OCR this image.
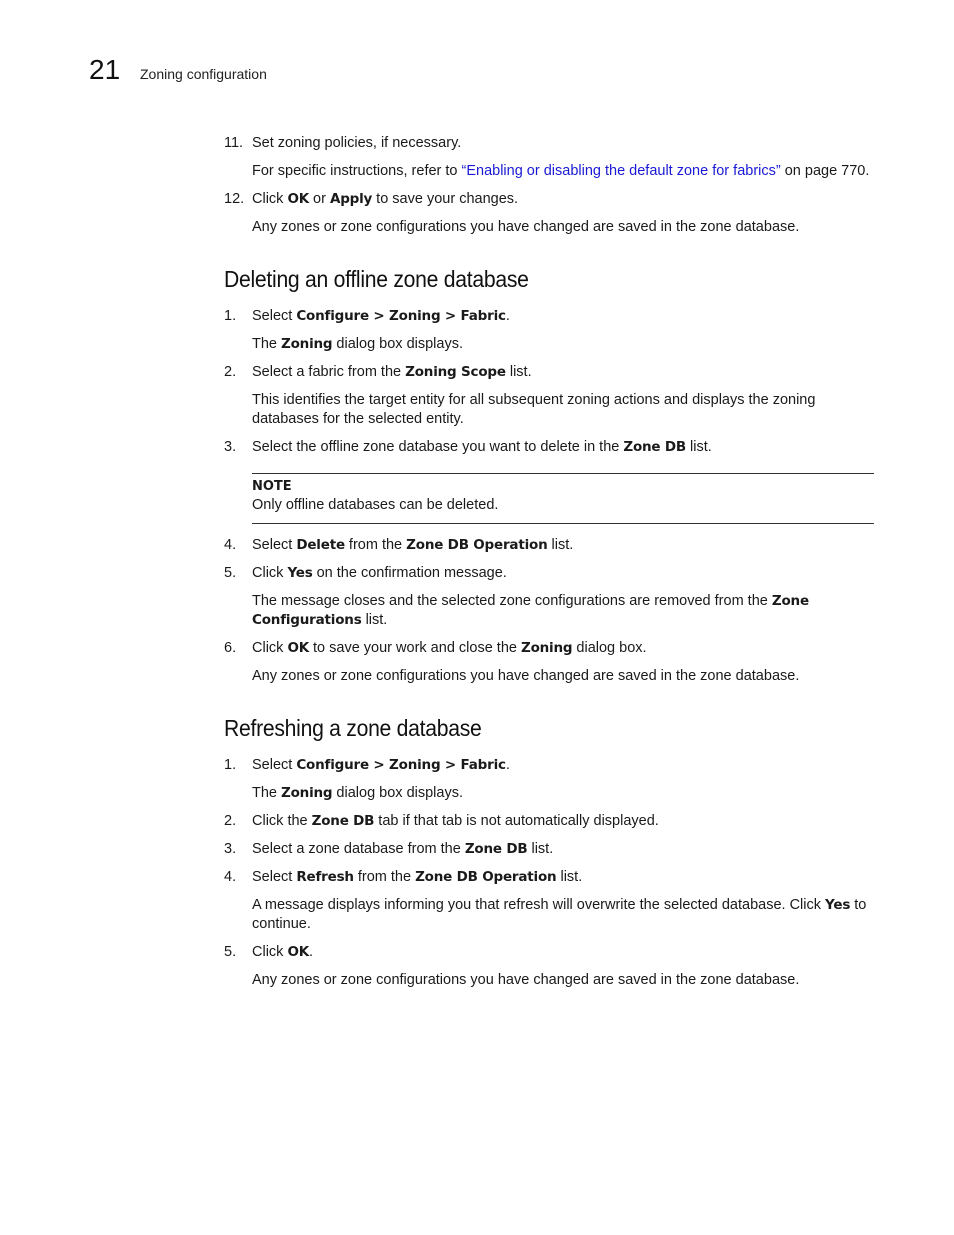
21 Zoning configuration
11. Set zoning policies, if necessary.
For specific instructions, refer to “Enabling or disabling the default zone for fabrics” on page 770.
12. Click OK or Apply to save your changes.
Any zones or zone configurations you have changed are saved in the zone database.
Deleting an offline zone database
1. Select Configure > Zoning > Fabric.
The Zoning dialog box displays.
2. Select a fabric from the Zoning Scope list.
This identifies the target entity for all subsequent zoning actions and displays the zoning databases for the selected entity.
3. Select the offline zone database you want to delete in the Zone DB list.
NOTE
Only offline databases can be deleted.
4. Select Delete from the Zone DB Operation list.
5. Click Yes on the confirmation message.
The message closes and the selected zone configurations are removed from the Zone Configurations list.
6. Click OK to save your work and close the Zoning dialog box.
Any zones or zone configurations you have changed are saved in the zone database.
Refreshing a zone database
1. Select Configure > Zoning > Fabric.
The Zoning dialog box displays.
2. Click the Zone DB tab if that tab is not automatically displayed.
3. Select a zone database from the Zone DB list.
4. Select Refresh from the Zone DB Operation list.
A message displays informing you that refresh will overwrite the selected database. Click Yes to continue.
5. Click OK.
Any zones or zone configurations you have changed are saved in the zone database.
